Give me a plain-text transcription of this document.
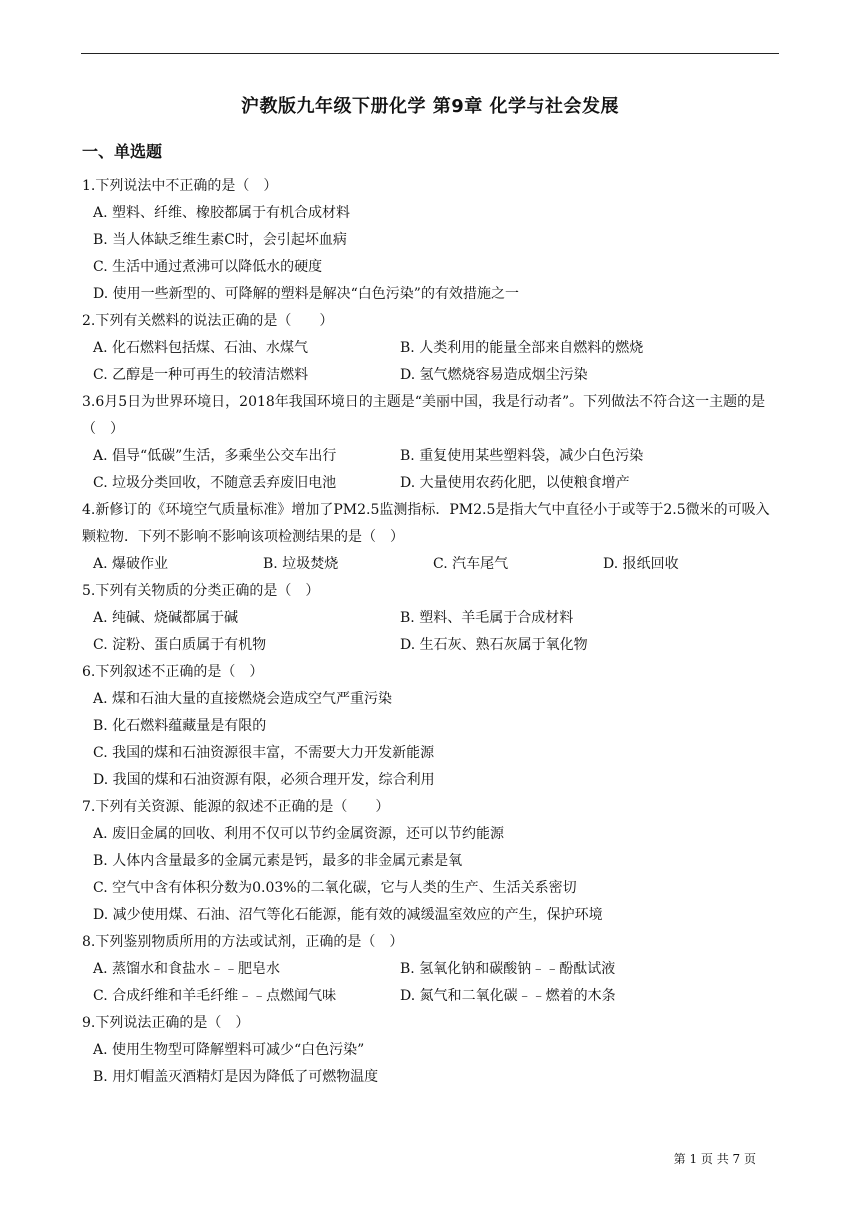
沪教版九年级下册化学 第9章 化学与社会发展
一、单选题
1.下列说法中不正确的是（　）
A. 塑料、纤维、橡胶都属于有机合成材料
B. 当人体缺乏维生素C时，会引起坏血病
C. 生活中通过煮沸可以降低水的硬度
D. 使用一些新型的、可降解的塑料是解决“白色污染”的有效措施之一
2.下列有关燃料的说法正确的是（　　）
A. 化石燃料包括煤、石油、水煤气	B. 人类利用的能量全部来自燃料的燃烧
C. 乙醇是一种可再生的较清洁燃料	D. 氢气燃烧容易造成烟尘污染
3.6月5日为世界环境日，2018年我国环境日的主题是“美丽中国，我是行动者”。下列做法不符合这一主题的是（　）
A. 倡导“低碳”生活，多乘坐公交车出行	B. 重复使用某些塑料袋，减少白色污染
C. 垃圾分类回收，不随意丢弃废旧电池	D. 大量使用农药化肥，以使粮食增产
4.新修订的《环境空气质量标准》增加了PM2.5监测指标．PM2.5是指大气中直径小于或等于2.5微米的可吸入颗粒物．下列不影响不影响该项检测结果的是（　）
A. 爆破作业	B. 垃圾焚烧	C. 汽车尾气	D. 报纸回收
5.下列有关物质的分类正确的是（　）
A. 纯碱、烧碱都属于碱	B. 塑料、羊毛属于合成材料
C. 淀粉、蛋白质属于有机物	D. 生石灰、熟石灰属于氧化物
6.下列叙述不正确的是（　）
A. 煤和石油大量的直接燃烧会造成空气严重污染
B. 化石燃料蕴藏量是有限的
C. 我国的煤和石油资源很丰富，不需要大力开发新能源
D. 我国的煤和石油资源有限，必须合理开发，综合利用
7.下列有关资源、能源的叙述不正确的是（　　）
A. 废旧金属的回收、利用不仅可以节约金属资源，还可以节约能源
B. 人体内含量最多的金属元素是钙，最多的非金属元素是氧
C. 空气中含有体积分数为0.03%的二氧化碳，它与人类的生产、生活关系密切
D. 减少使用煤、石油、沼气等化石能源，能有效的减缓温室效应的产生，保护环境
8.下列鉴别物质所用的方法或试剂，正确的是（　）
A. 蒸馏水和食盐水﹣﹣肥皂水	B. 氢氧化钠和碳酸钠﹣﹣酚酞试液
C. 合成纤维和羊毛纤维﹣﹣点燃闻气味	D. 氮气和二氧化碳﹣﹣燃着的木条
9.下列说法正确的是（　）
A. 使用生物型可降解塑料可减少“白色污染”
B. 用灯帽盖灭酒精灯是因为降低了可燃物温度
第 1 页 共 7 页
